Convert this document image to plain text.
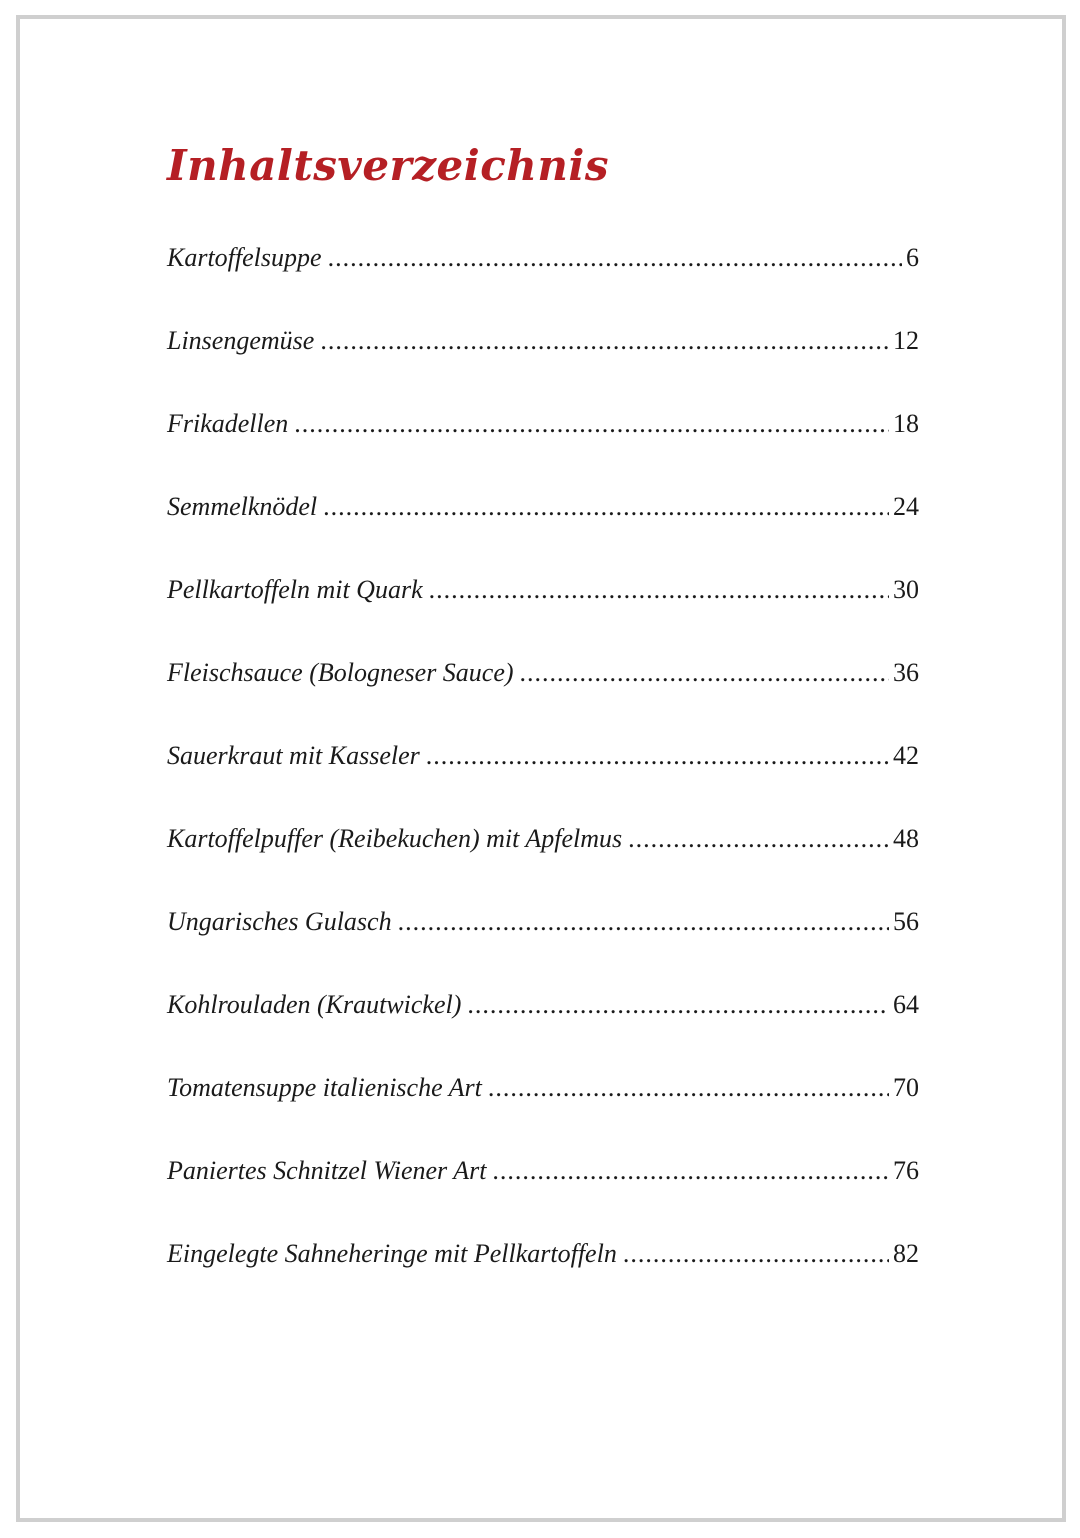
Inhaltsverzeichnis
Kartoffelsuppe .....	6
Linsengemüse .....	12
Frikadellen .....	18
Semmelknödel .....	24
Pellkartoffeln mit Quark .....	30
Fleischsauce (Bologneser Sauce) .....	36
Sauerkraut mit Kasseler .....	42
Kartoffelpuffer (Reibekuchen) mit Apfelmus .....	48
Ungarisches Gulasch .....	56
Kohlrouladen (Krautwickel) .....	64
Tomatensuppe italienische Art .....	70
Paniertes Schnitzel Wiener Art .....	76
Eingelegte Sahneheringe mit Pellkartoffeln .....	82
